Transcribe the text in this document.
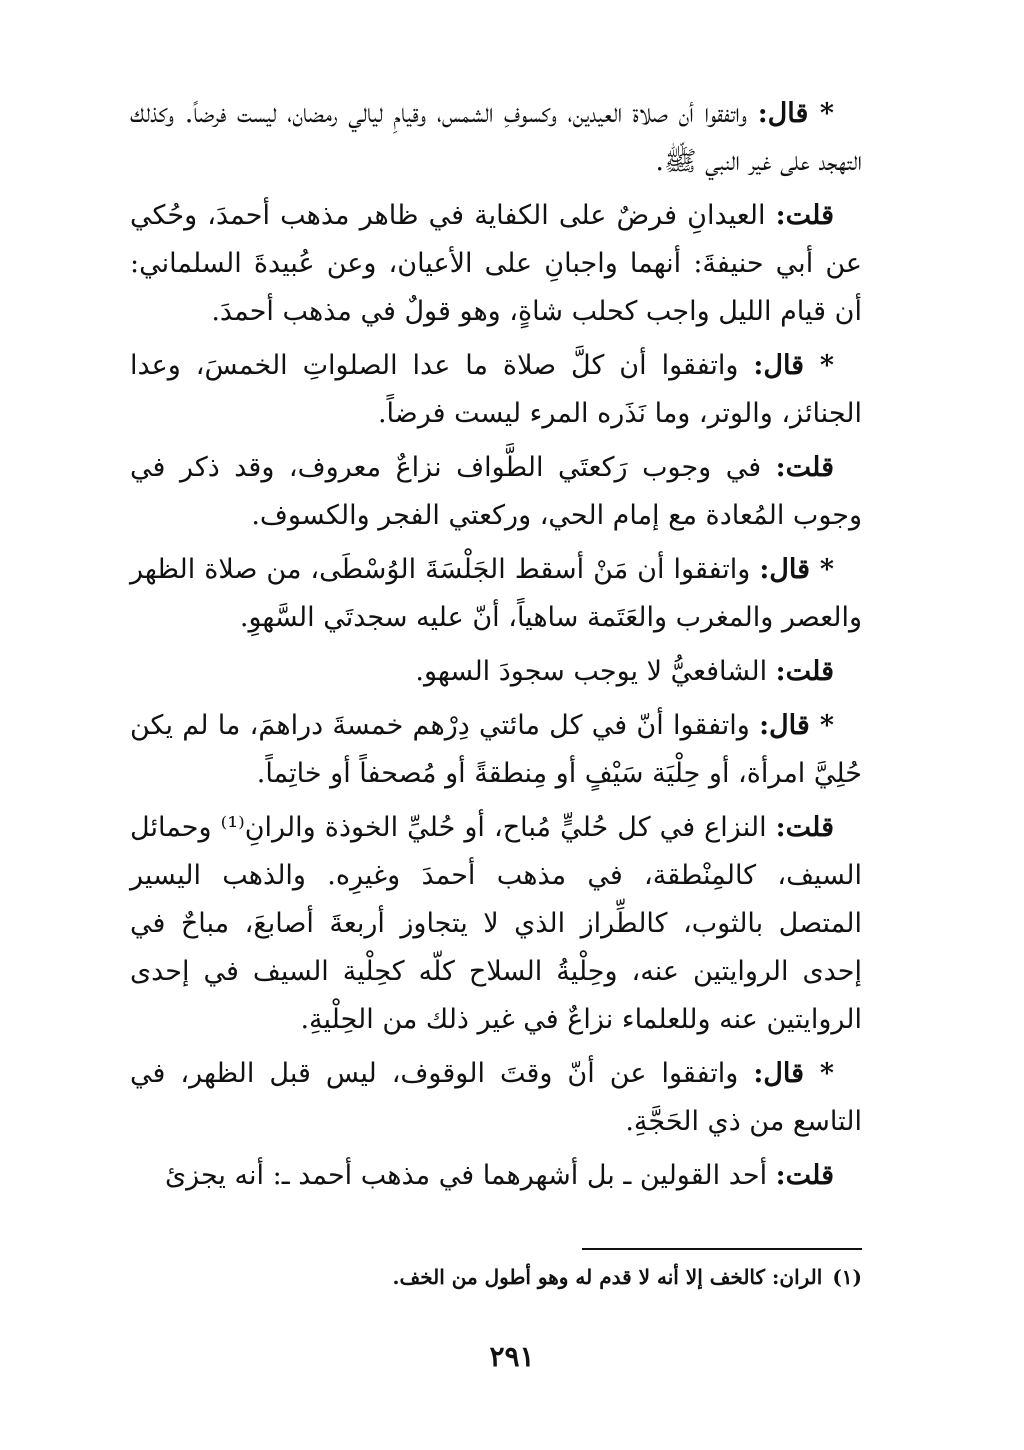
* قال: واتفقوا أن صلاة العيدين، وكسوفِ الشمس، وقيامِ ليالي رمضان، ليست فرضاً. وكذلك التهجد على غير النبي ﷺ.

قلت: العيدانِ فرضٌ على الكفاية في ظاهر مذهب أحمدَ، وحُكي عن أبي حنيفةَ: أنهما واجبانِ على الأعيان، وعن عُبيدةَ السلماني: أن قيام الليل واجب كحلب شاةٍ، وهو قولٌ في مذهب أحمدَ.

* قال: واتفقوا أن كلَّ صلاة ما عدا الصلواتِ الخمسَ، وعدا الجنائز، والوتر، وما نَذَره المرء ليست فرضاً.

قلت: في وجوب رَكعتَي الطَّواف نزاعٌ معروف، وقد ذكر في وجوب المُعادة مع إمام الحي، وركعتي الفجر والكسوف.

* قال: واتفقوا أن مَنْ أسقط الجَلْسَةَ الوُسْطَى، من صلاة الظهر والعصر والمغرب والعَتَمة ساهياً، أنّ عليه سجدتَي السَّهوِ.

قلت: الشافعيُّ لا يوجب سجودَ السهو.

* قال: واتفقوا أنّ في كل مائتي دِرْهم خمسةَ دراهمَ، ما لم يكن حُلِيَّ امرأة، أو حِلْيَة سَيْفٍ أو مِنطقةً أو مُصحفاً أو خاتِماً.

قلت: النزاع في كل حُليٍّ مُباح، أو حُليِّ الخوذة والرانِ⁽¹⁾ وحمائل السيف، كالمِنْطقة، في مذهب أحمدَ وغيرِه. والذهب اليسير المتصل بالثوب، كالطِّراز الذي لا يتجاوز أربعةَ أصابعَ، مباحٌ في إحدى الروايتين عنه، وحِلْيةُ السلاح كلّه كحِلْية السيف في إحدى الروايتين عنه وللعلماء نزاعٌ في غير ذلك من الحِلْيةِ.

* قال: واتفقوا عن أنّ وقتَ الوقوف، ليس قبل الظهر، في التاسع من ذي الحَجَّةِ.

قلت: أحد القولين ـ بل أشهرهما في مذهب أحمد ـ: أنه يجزئ

(١)الران: كالخف إلا أنه لا قدم له وهو أطول من الخف.
٢٩١
